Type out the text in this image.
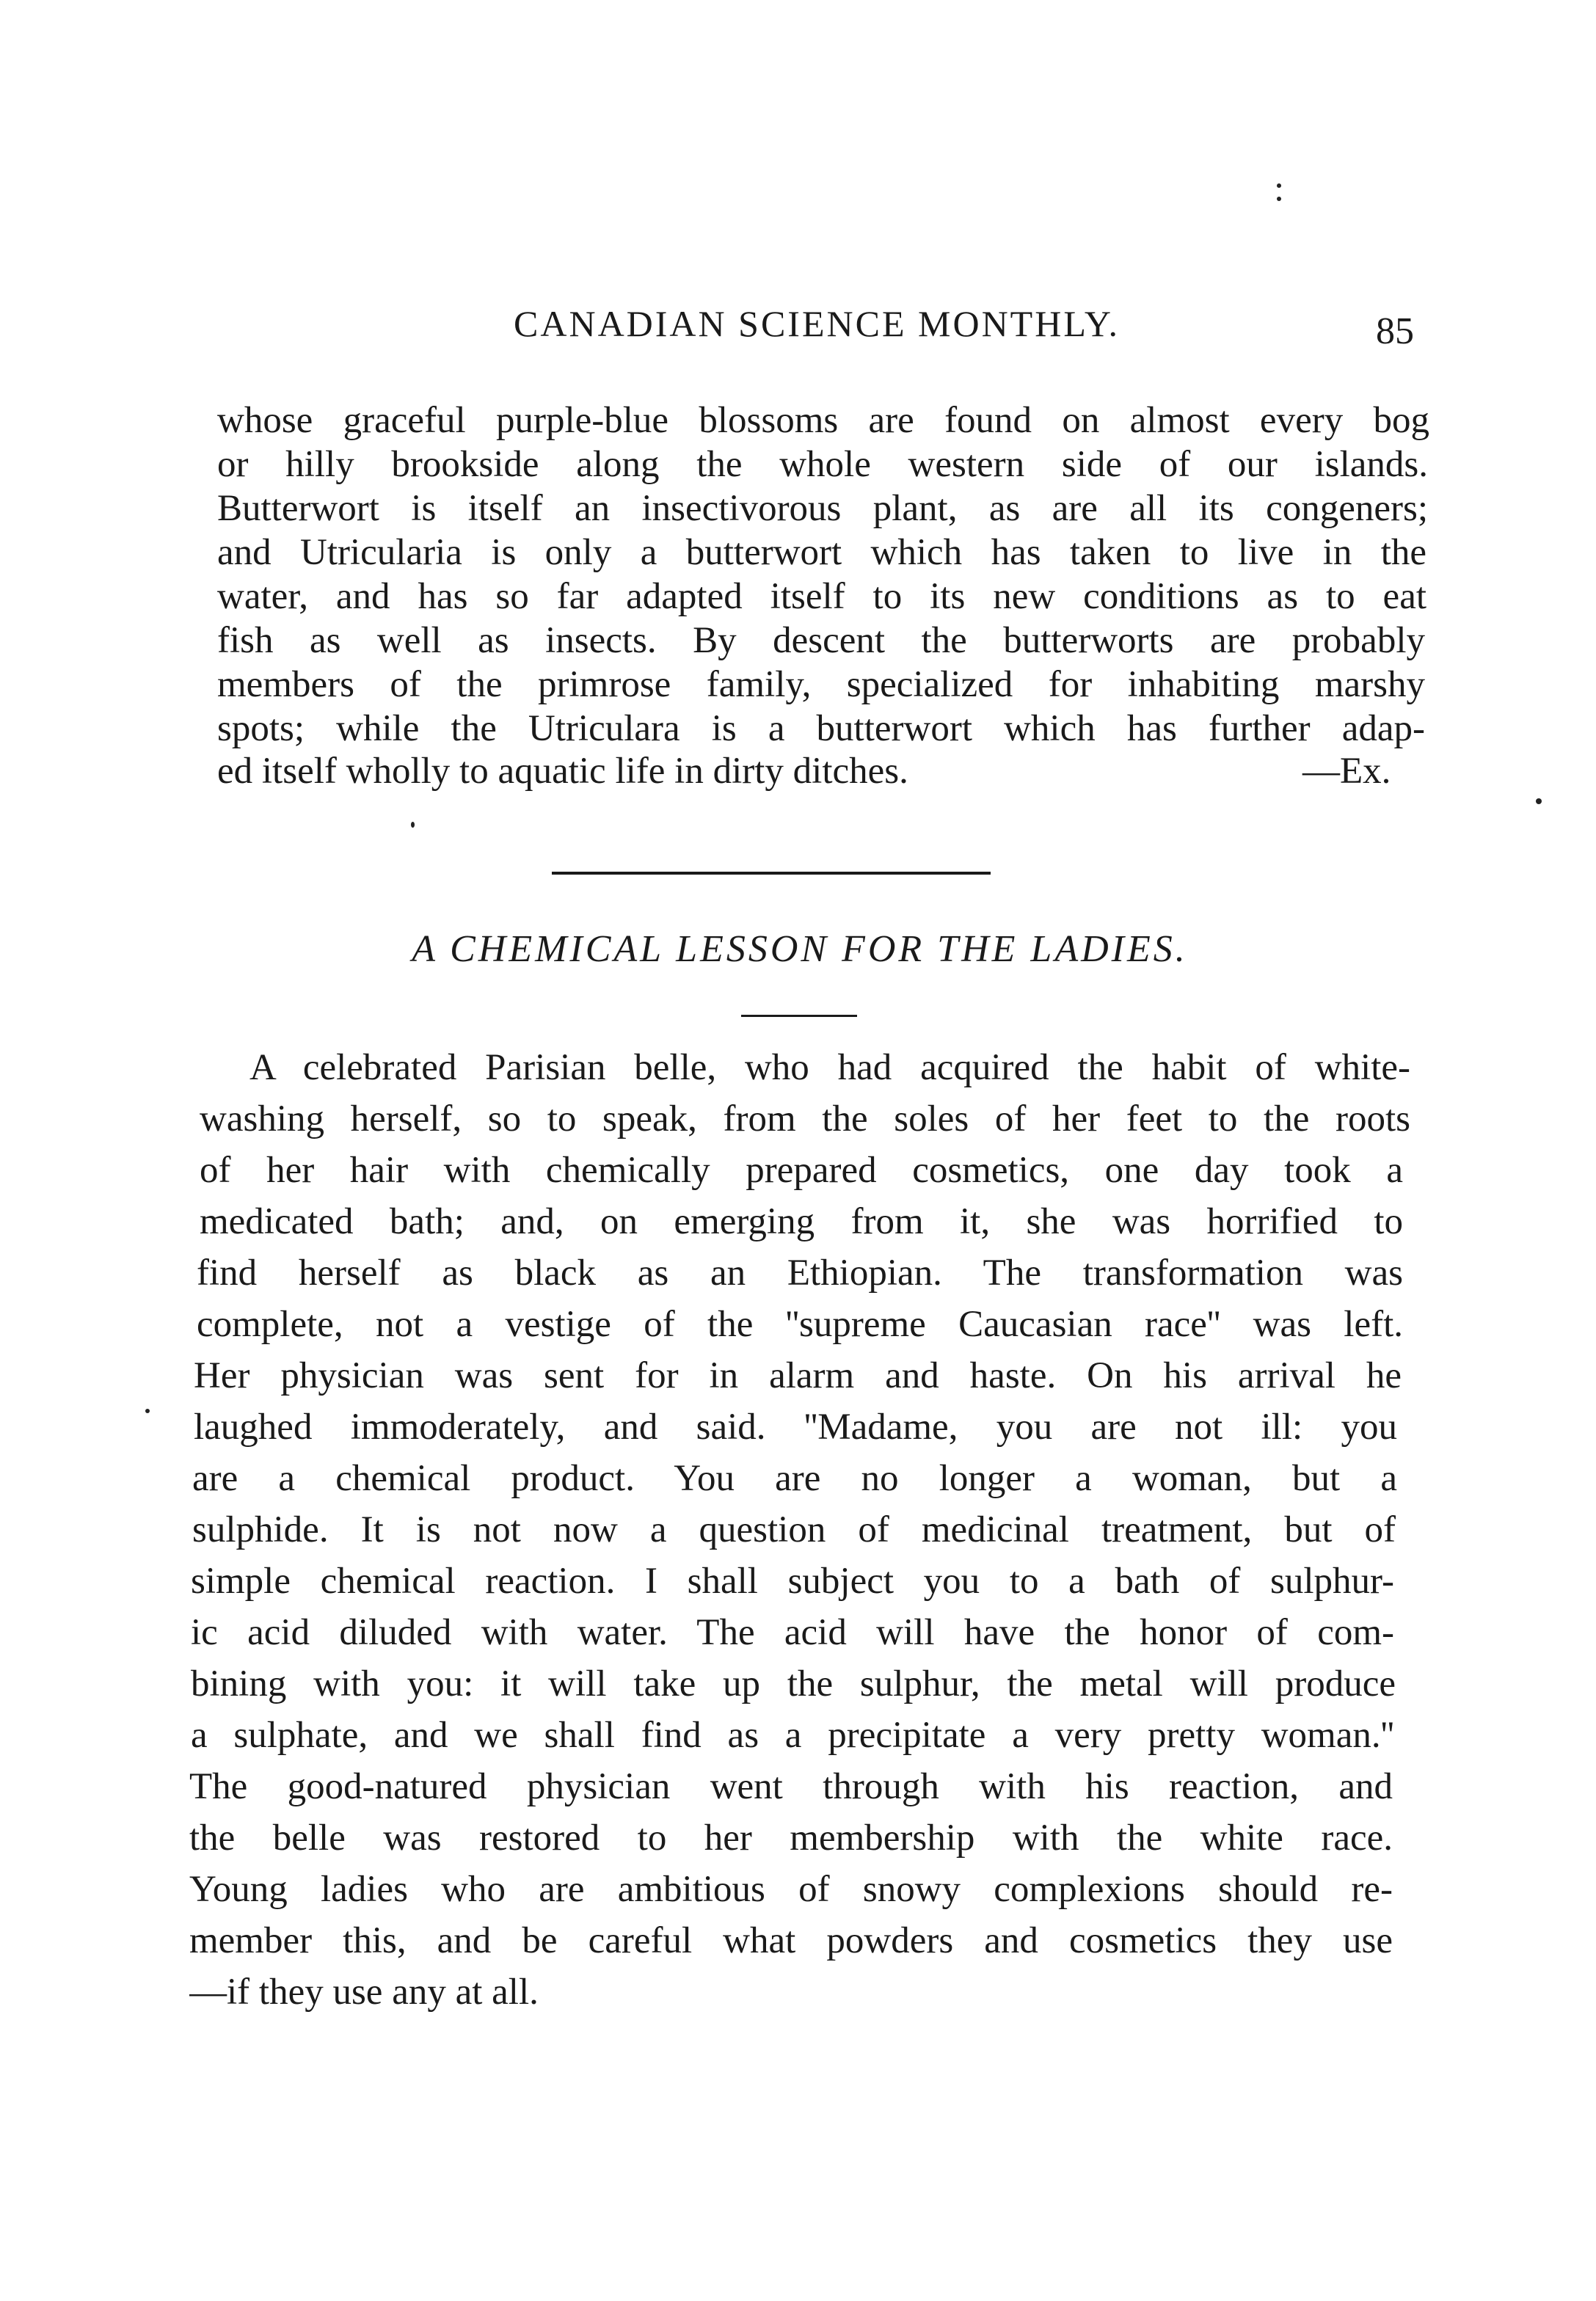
CANADIAN SCIENCE MONTHLY.	85
whose graceful purple-blue blossoms are found on almost every bog
or hilly brookside along the whole western side of our islands.
Butterwort is itself an insectivorous plant, as are all its congeners;
and Utricularia is only a butterwort which has taken to live in the
water, and has so far adapted itself to its new conditions as to eat
fish as well as insects. By descent the butterworts are probably
members of the primrose family, specialized for inhabiting marshy
spots; while the Utriculara is a butterwort which has further adap-
ed itself wholly to aquatic life in dirty ditches.	—Ex.
A CHEMICAL LESSON FOR THE LADIES.
A celebrated Parisian belle, who had acquired the habit of white-
washing herself, so to speak, from the soles of her feet to the roots
of her hair with chemically prepared cosmetics, one day took a
medicated bath; and, on emerging from it, she was horrified to
find herself as black as an Ethiopian. The transformation was
complete, not a vestige of the ''supreme Caucasian race'' was left.
Her physician was sent for in alarm and haste. On his arrival he
laughed immoderately, and said. ''Madame, you are not ill: you
are a chemical product. You are no longer a woman, but a
sulphide. It is not now a question of medicinal treatment, but of
simple chemical reaction. I shall subject you to a bath of sulphur-
ic acid diluded with water. The acid will have the honor of com-
bining with you: it will take up the sulphur, the metal will produce
a sulphate, and we shall find as a precipitate a very pretty woman.''
The good-natured physician went through with his reaction, and
the belle was restored to her membership with the white race.
Young ladies who are ambitious of snowy complexions should re-
member this, and be careful what powders and cosmetics they use
—if they use any at all.
